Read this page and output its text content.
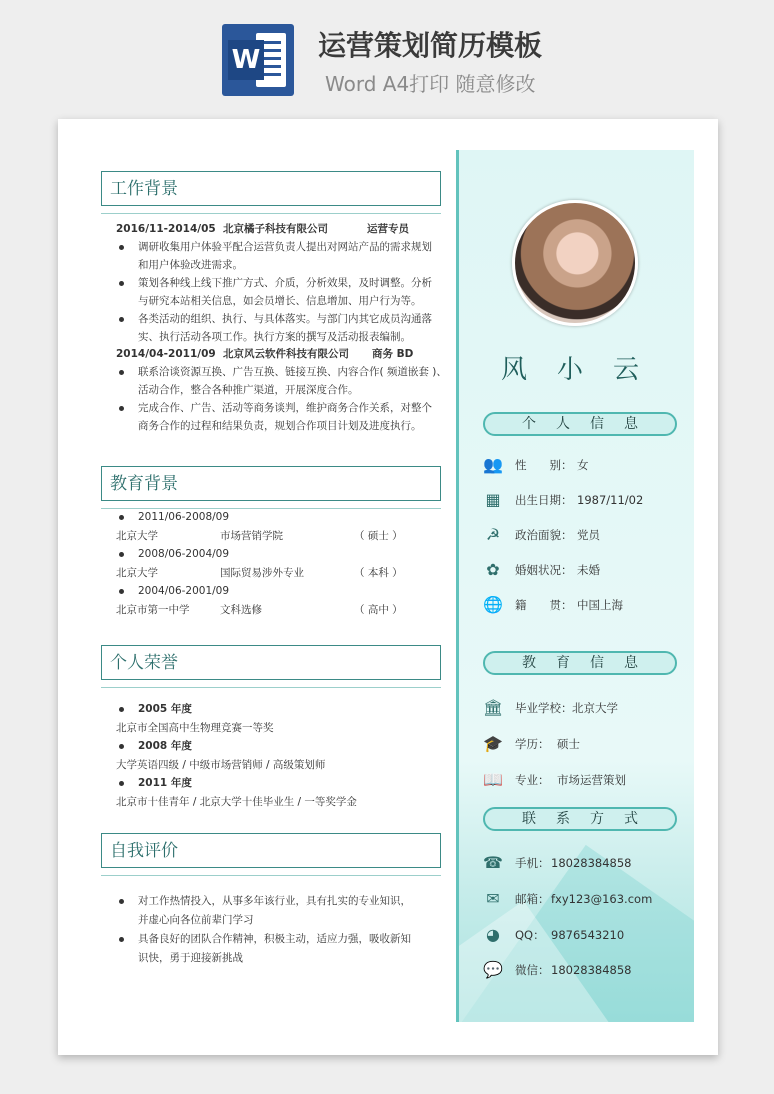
W 运营策划简历模板
Word A4打印 随意修改
工作背景
2016/11-2014/05 北京橘子科技有限公司	运营专员
调研收集用户体验平配合运营负责人提出对网站产品的需求规划
和用户体验改进需求。
策划各种线上线下推广方式、介质，分析效果，及时调整。分析
与研究本站相关信息，如会员增长、信息增加、用户行为等。
各类活动的组织、执行、与具体落实。与部门内其它成员沟通落
实、执行活动各项工作。执行方案的撰写及活动报表编制。
2014/04-2011/09 北京风云软件科技有限公司 商务 BD
联系洽谈资源互换、广告互换、链接互换、内容合作( 频道嵌套 )、
活动合作，整合各种推广渠道，开展深度合作。
完成合作、广告、活动等商务谈判，维护商务合作关系，对整个
商务合作的过程和结果负责，规划合作项目计划及进度执行。
教育背景
2011/06-2008/09
北京大学	市场营销学院	（ 硕士 ）
2008/06-2004/09
北京大学	国际贸易涉外专业	（ 本科 ）
2004/06-2001/09
北京市第一中学	文科选修	（ 高中 ）
个人荣誉
2005 年度
北京市全国高中生物理竞赛一等奖
2008 年度
大学英语四级 / 中级市场营销师 / 高级策划师
2011 年度
北京市十佳青年 / 北京大学十佳毕业生 / 一等奖学金
自我评价
对工作热情投入，从事多年该行业，具有扎实的专业知识，
并虚心向各位前辈门学习
具备良好的团队合作精神，积极主动，适应力强，吸收新知
识快，勇于迎接新挑战
风小云
个人信息
👥 性　　别： 女
▦ 出生日期： 1987/11/02
☭ 政治面貌： 党员
✿ 婚姻状况： 未婚
🌐 籍　　贯： 中国上海
教育信息
🏛 毕业学校： 北京大学
🎓 学历： 硕士
📖 专业： 市场运营策划
联系方式
☎ 手机： 18028384858
✉ 邮箱： fxy123@163.com
◕ QQ： 9876543210
💬 微信： 18028384858
